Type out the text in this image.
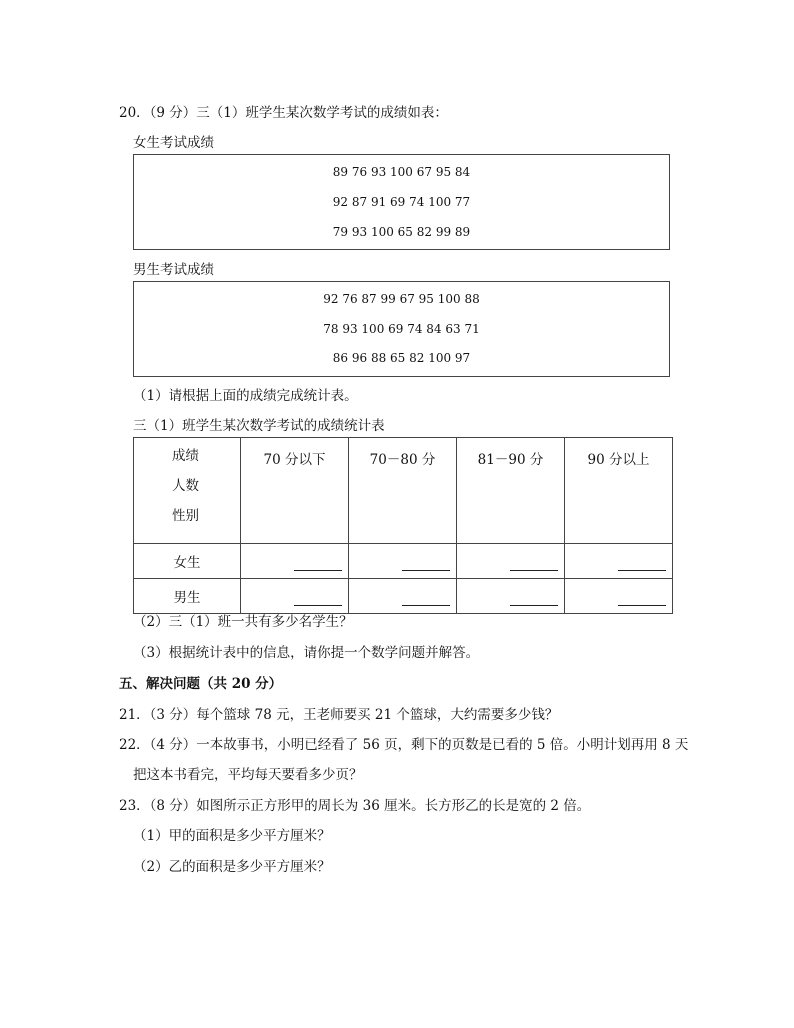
20．（9 分）三（1）班学生某次数学考试的成绩如表：
女生考试成绩
89 76 93 100 67 95 84
92 87 91 69 74 100 77
79 93 100 65 82 99 89
男生考试成绩
92 76 87 99 67 95 100 88
78 93 100 69 74 84 63 71
86 96 88 65 82 100 97
（1）请根据上面的成绩完成统计表。
三（1）班学生某次数学考试的成绩统计表
成绩
人数
性别	70 分以下	70－80 分	81－90 分	90 分以上
女生	

男生	

（2）三（1）班一共有多少名学生？
（3）根据统计表中的信息，请你提一个数学问题并解答。
五、解决问题（共 20 分）
21．（3 分）每个篮球 78 元，王老师要买 21 个篮球，大约需要多少钱？
22．（4 分）一本故事书，小明已经看了 56 页，剩下的页数是已看的 5 倍。小明计划再用 8 天
把这本书看完，平均每天要看多少页？
23．（8 分）如图所示正方形甲的周长为 36 厘米。长方形乙的长是宽的 2 倍。
（1）甲的面积是多少平方厘米？
（2）乙的面积是多少平方厘米？
